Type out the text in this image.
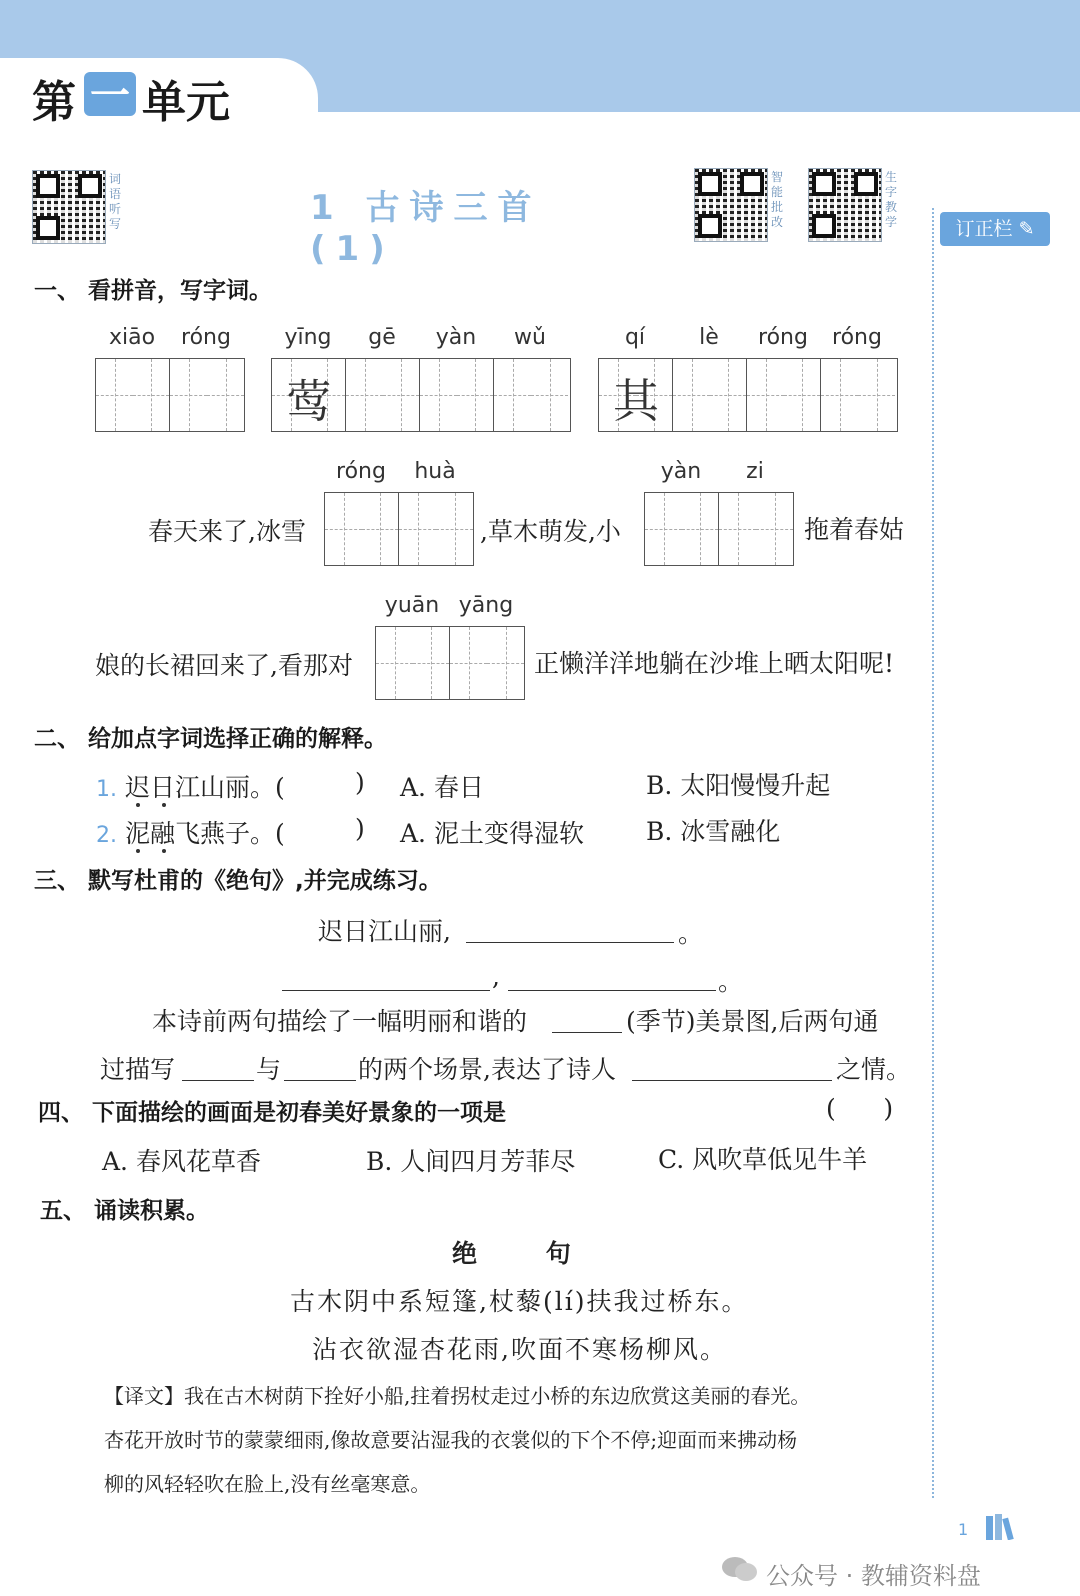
第 一 单元
词语听写
智能批改
生字教学
1 古诗三首(1)	订正栏 ✎
一、 看拼音，写字词。
xiāo	róng	yīng	gē	yàn	wǔ
莺
qí	lè	róng	róng
其
róng	huà
春天来了,冰雪	,草木萌发,小
yàn	zi
拖着春姑
yuān yāng
娘的长裙回来了,看那对	正懒洋洋地躺在沙堆上晒太阳呢!
二、 给加点字词选择正确的解释。
1. 迟日江山丽。(	) A. 春日	B. 太阳慢慢升起
2. 泥融飞燕子。(	) A. 泥土变得湿软 B. 冰雪融化
三、 默写杜甫的《绝句》,并完成练习。
迟日江山丽,	。
,	。
本诗前两句描绘了一幅明丽和谐的	(季节)美景图,后两句通
过描写	与	的两个场景,表达了诗人	之情。
四、 下面描绘的画面是初春美好景象的一项是	(      )
A. 春风花草香	B. 人间四月芳菲尽	C. 风吹草低见牛羊
五、 诵读积累。
绝 句
古木阴中系短篷,杖藜(lí)扶我过桥东。
沾衣欲湿杏花雨,吹面不寒杨柳风。
【译文】我在古木树荫下拴好小船,拄着拐杖走过小桥的东边欣赏这美丽的春光。
杏花开放时节的蒙蒙细雨,像故意要沾湿我的衣裳似的下个不停;迎面而来拂动杨
柳的风轻轻吹在脸上,没有丝毫寒意。
1
公众号 · 教辅资料盘
